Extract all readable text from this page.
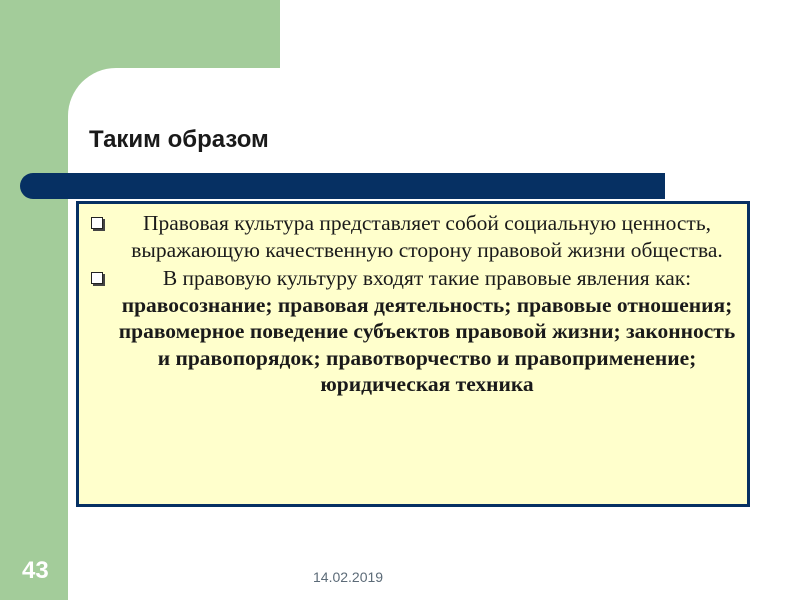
Таким образом
Правовая культура представляет собой социальную ценность, выражающую качественную сторону правовой жизни общества.
В правовую культуру входят такие правовые явления как: правосознание; правовая деятельность; правовые отношения; правомерное поведение субъектов правовой жизни; законность и правопорядок; правотворчество и правоприменение; юридическая техника
43	14.02.2019
